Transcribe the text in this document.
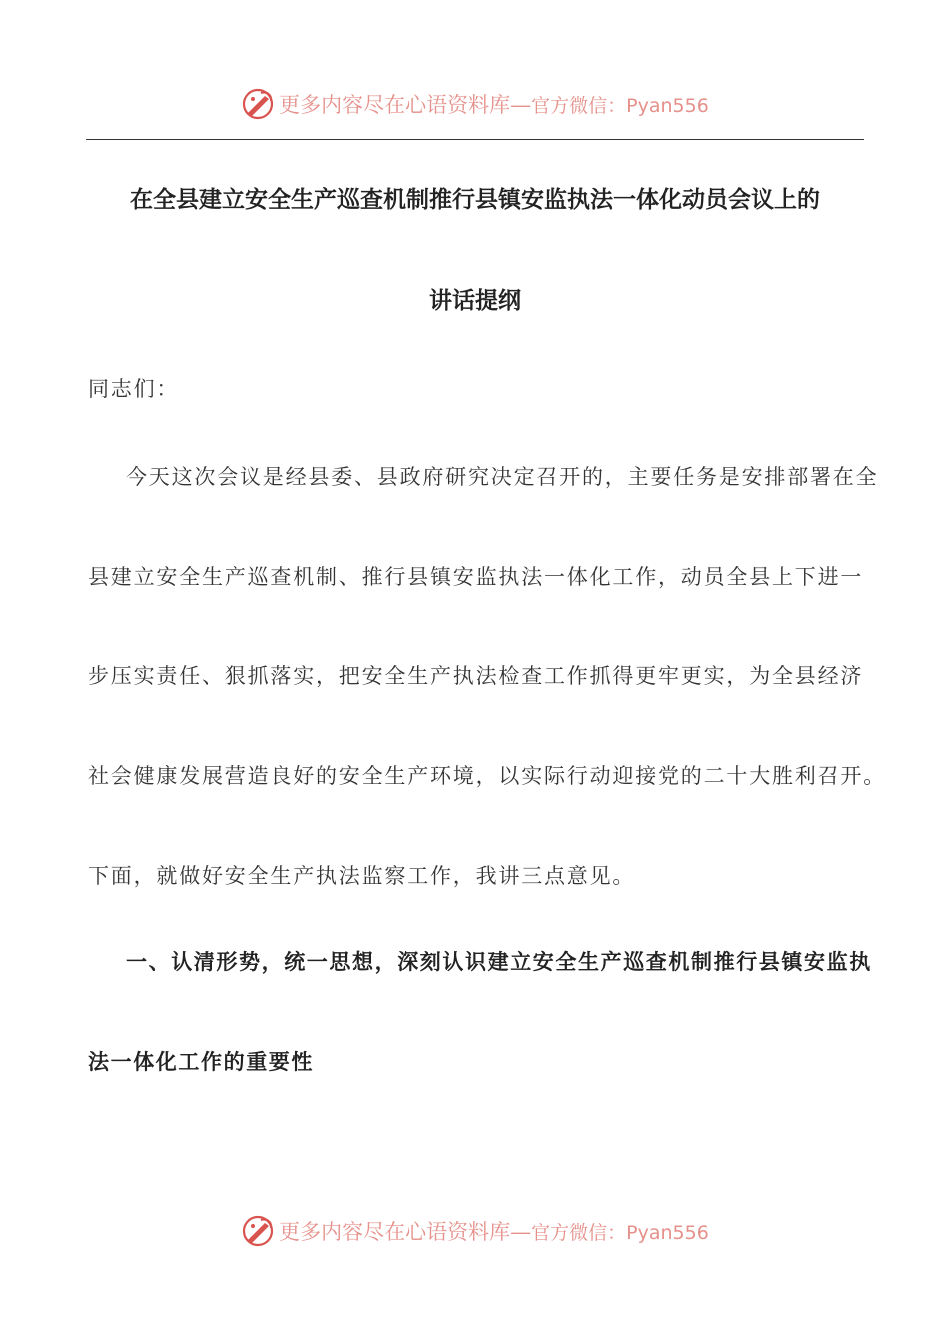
更多内容尽在心语资料库— 官方微信：Pyan556
在全县建立安全生产巡查机制推行县镇安监执法一体化动员会议上的
讲话提纲
同志们：
今天这次会议是经县委、县政府研究决定召开的，主要任务是安排部署在全
县建立安全生产巡查机制、推行县镇安监执法一体化工作，动员全县上下进一
步压实责任、狠抓落实，把安全生产执法检查工作抓得更牢更实，为全县经济
社会健康发展营造良好的安全生产环境，以实际行动迎接党的二十大胜利召开。
下面，就做好安全生产执法监察工作，我讲三点意见。
一、认清形势，统一思想，深刻认识建立安全生产巡查机制推行县镇安监执
法一体化工作的重要性
更多内容尽在心语资料库— 官方微信：Pyan556
